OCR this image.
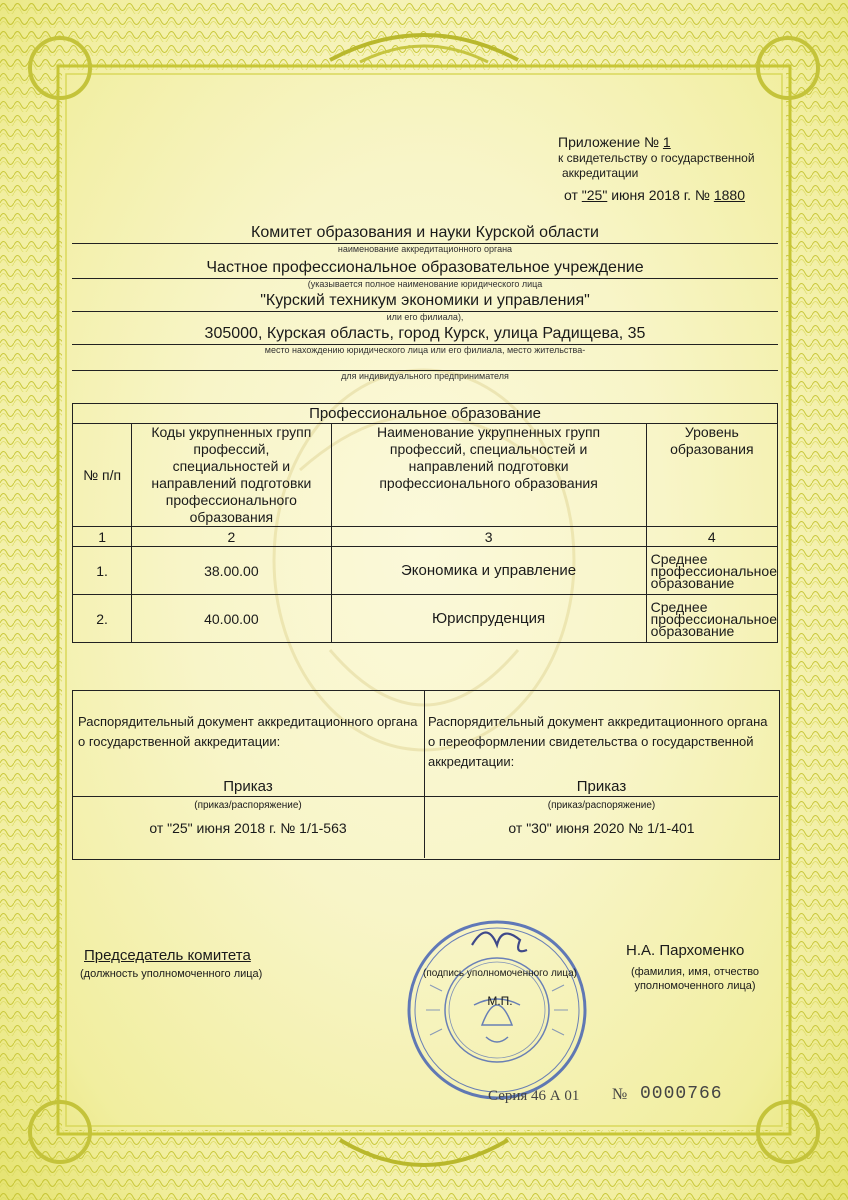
Приложение № 1
к свидетельству о государственной
аккредитации
от "25" июня 2018 г. № 1880
Комитет образования и науки Курской области
наименование аккредитационного органа
Частное профессиональное образовательное учреждение
(указывается полное наименование юридического лица
"Курский техникум экономики и управления"
или его филиала),
305000, Курская область, город Курск, улица Радищева, 35
место нахождению юридического лица или его филиала, место жительства-
для индивидуального предпринимателя
Профессиональное образование			
№ п/п	Коды укрупненных групп профессий, специальностей и направлений подготовки профессионального образования	Наименование укрупненных групп профессий, специальностей и направлений подготовки профессионального образования	Уровень образования
1	2	3	4
1.	38.00.00	Экономика и управление	Среднее профессиональное образование
2.	40.00.00	Юриспруденция	Среднее профессиональное образование
Распорядительный документ аккредитационного органа о государственной аккредитации:
Приказ
(приказ/распоряжение)
от "25" июня 2018 г. № 1/1-563
Распорядительный документ аккредитационного органа о переоформлении свидетельства о государственной аккредитации:
Приказ
(приказ/распоряжение)
от "30" июня 2020 № 1/1-401
Председатель комитета
(должность уполномоченного лица)	(подпись уполномоченного лица)
М.П.
Н.А. Пархоменко
(фамилия, имя, отчество
уполномоченного лица)
Серия 46 А 01 № 0000766
